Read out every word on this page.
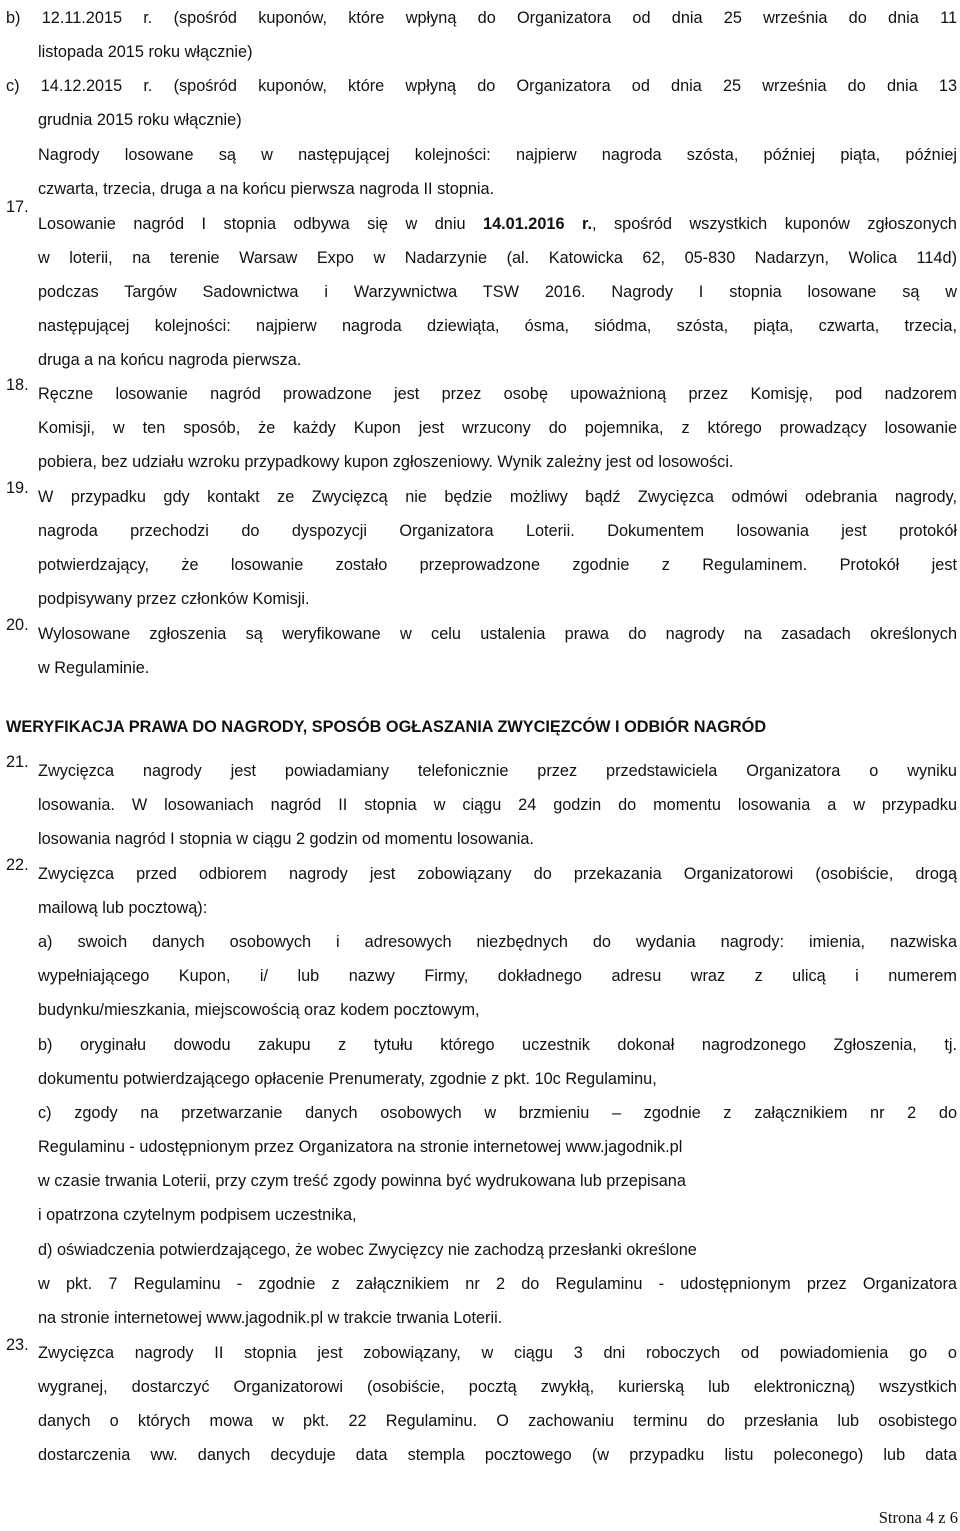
b) 12.11.2015 r. (spośród kuponów, które wpłyną do Organizatora od dnia 25 września do dnia 11

listopada 2015 roku włącznie)

c) 14.12.2015 r. (spośród kuponów, które wpłyną do Organizatora od dnia 25 września do dnia 13

grudnia 2015 roku włącznie)

Nagrody losowane są w następującej kolejności: najpierw nagroda szósta, później piąta, później

czwarta, trzecia, druga a na końcu pierwsza nagroda II stopnia.

Losowanie nagród I stopnia odbywa się w dniu 14.01.2016 r., spośród wszystkich kuponów zgłoszonych

w loterii, na terenie Warsaw Expo w Nadarzynie (al. Katowicka 62, 05-830 Nadarzyn, Wolica 114d)

podczas Targów Sadownictwa i Warzywnictwa TSW 2016. Nagrody I stopnia losowane są w

następującej kolejności: najpierw nagroda dziewiąta, ósma, siódma, szósta, piąta, czwarta, trzecia,

druga a na końcu nagroda pierwsza.

Ręczne losowanie nagród prowadzone jest przez osobę upoważnioną przez Komisję, pod nadzorem

Komisji, w ten sposób, że każdy Kupon jest wrzucony do pojemnika, z którego prowadzący losowanie

pobiera, bez udziału wzroku przypadkowy kupon zgłoszeniowy. Wynik zależny jest od losowości.

W przypadku gdy kontakt ze Zwycięzcą nie będzie możliwy bądź Zwycięzca odmówi odebrania nagrody,

nagroda przechodzi do dyspozycji Organizatora Loterii. Dokumentem losowania jest protokół

potwierdzający, że losowanie zostało przeprowadzone zgodnie z Regulaminem. Protokół jest

podpisywany przez członków Komisji.

Wylosowane zgłoszenia są weryfikowane w celu ustalenia prawa do nagrody na zasadach określonych

w Regulaminie.

Zwycięzca nagrody jest powiadamiany telefonicznie przez przedstawiciela Organizatora o wyniku

losowania. W losowaniach nagród II stopnia w ciągu 24 godzin do momentu losowania a w przypadku

losowania nagród I stopnia w ciągu 2 godzin od momentu losowania.

Zwycięzca przed odbiorem nagrody jest zobowiązany do przekazania Organizatorowi (osobiście, drogą

mailową lub pocztową):

a) swoich danych osobowych i adresowych niezbędnych do wydania nagrody: imienia, nazwiska

wypełniającego Kupon, i/ lub nazwy Firmy, dokładnego adresu wraz z ulicą i numerem

budynku/mieszkania, miejscowością oraz kodem pocztowym,

b) oryginału dowodu zakupu z tytułu którego uczestnik dokonał nagrodzonego Zgłoszenia, tj.

dokumentu potwierdzającego opłacenie Prenumeraty, zgodnie z pkt. 10c Regulaminu,

c) zgody na przetwarzanie danych osobowych w brzmieniu – zgodnie z załącznikiem nr 2 do

Regulaminu - udostępnionym przez Organizatora na stronie internetowej www.jagodnik.pl

w czasie trwania Loterii, przy czym treść zgody powinna być wydrukowana lub przepisana

i opatrzona czytelnym podpisem uczestnika,

d) oświadczenia potwierdzającego, że wobec Zwycięzcy nie zachodzą przesłanki określone

w pkt. 7 Regulaminu - zgodnie z załącznikiem nr 2 do Regulaminu - udostępnionym przez Organizatora

na stronie internetowej www.jagodnik.pl w trakcie trwania Loterii.

Zwycięzca nagrody II stopnia jest zobowiązany, w ciągu 3 dni roboczych od powiadomienia go o

wygranej, dostarczyć Organizatorowi (osobiście, pocztą zwykłą, kurierską lub elektroniczną) wszystkich

danych o których mowa w pkt. 22 Regulaminu. O zachowaniu terminu do przesłania lub osobistego

dostarczenia ww. danych decyduje data stempla pocztowego (w przypadku listu poleconego) lub data

17.
18.
19.
20.
21.
22.
23.
WERYFIKACJA PRAWA DO NAGRODY, SPOSÓB OGŁASZANIA ZWYCIĘZCÓW I ODBIÓR NAGRÓD
Strona 4 z 6
